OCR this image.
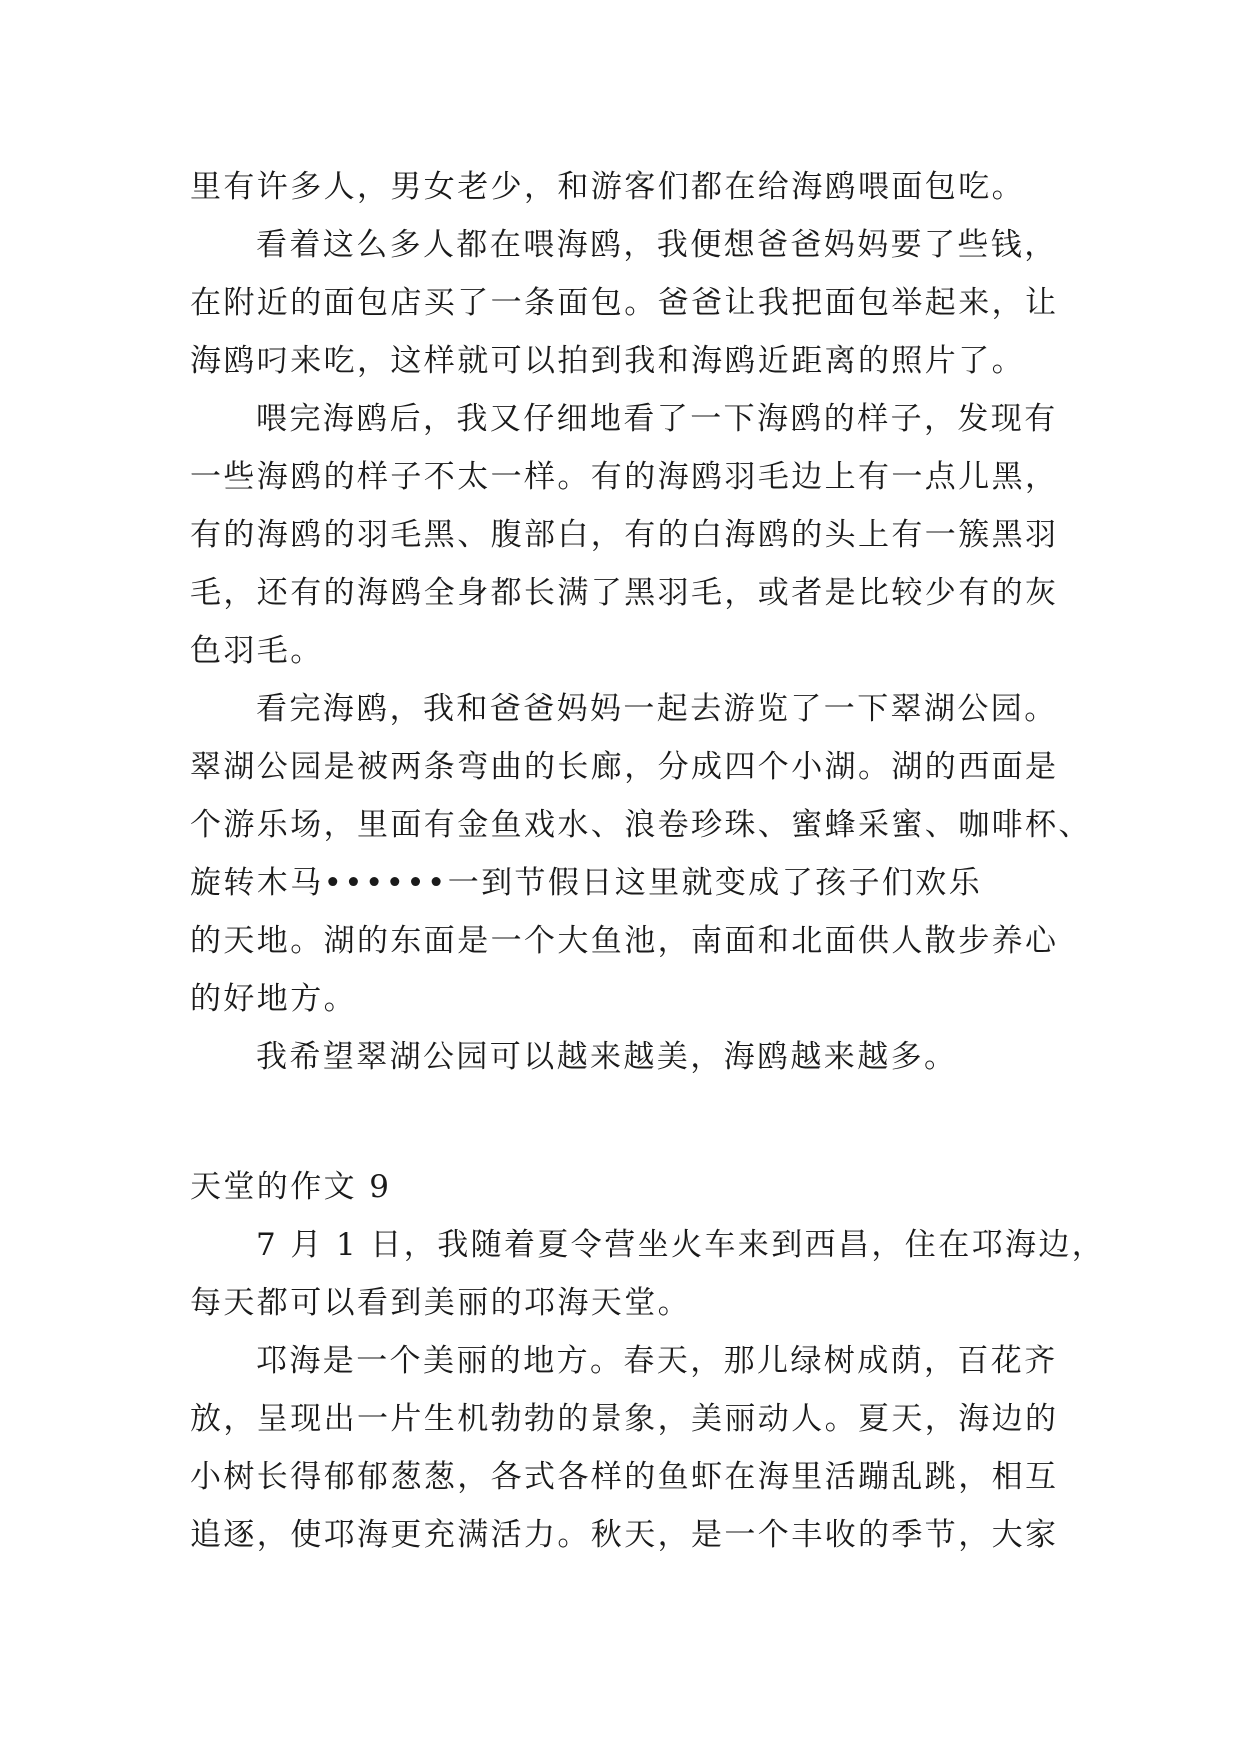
里有许多人，男女老少，和游客们都在给海鸥喂面包吃。
看着这么多人都在喂海鸥，我便想爸爸妈妈要了些钱，
在附近的面包店买了一条面包。爸爸让我把面包举起来，让
海鸥叼来吃，这样就可以拍到我和海鸥近距离的照片了。
喂完海鸥后，我又仔细地看了一下海鸥的样子，发现有
一些海鸥的样子不太一样。有的海鸥羽毛边上有一点儿黑，
有的海鸥的羽毛黑、腹部白，有的白海鸥的头上有一簇黑羽
毛，还有的海鸥全身都长满了黑羽毛，或者是比较少有的灰
色羽毛。
看完海鸥，我和爸爸妈妈一起去游览了一下翠湖公园。
翠湖公园是被两条弯曲的长廊，分成四个小湖。湖的西面是
个游乐场，里面有金鱼戏水、浪卷珍珠、蜜蜂采蜜、咖啡杯、
旋转木马••••••一到节假日这里就变成了孩子们欢乐
的天地。湖的东面是一个大鱼池，南面和北面供人散步养心
的好地方。
我希望翠湖公园可以越来越美，海鸥越来越多。
天堂的作文 9
7 月 1 日，我随着夏令营坐火车来到西昌，住在邛海边，
每天都可以看到美丽的邛海天堂。
邛海是一个美丽的地方。春天，那儿绿树成荫，百花齐
放，呈现出一片生机勃勃的景象，美丽动人。夏天，海边的
小树长得郁郁葱葱，各式各样的鱼虾在海里活蹦乱跳，相互
追逐，使邛海更充满活力。秋天，是一个丰收的季节，大家
